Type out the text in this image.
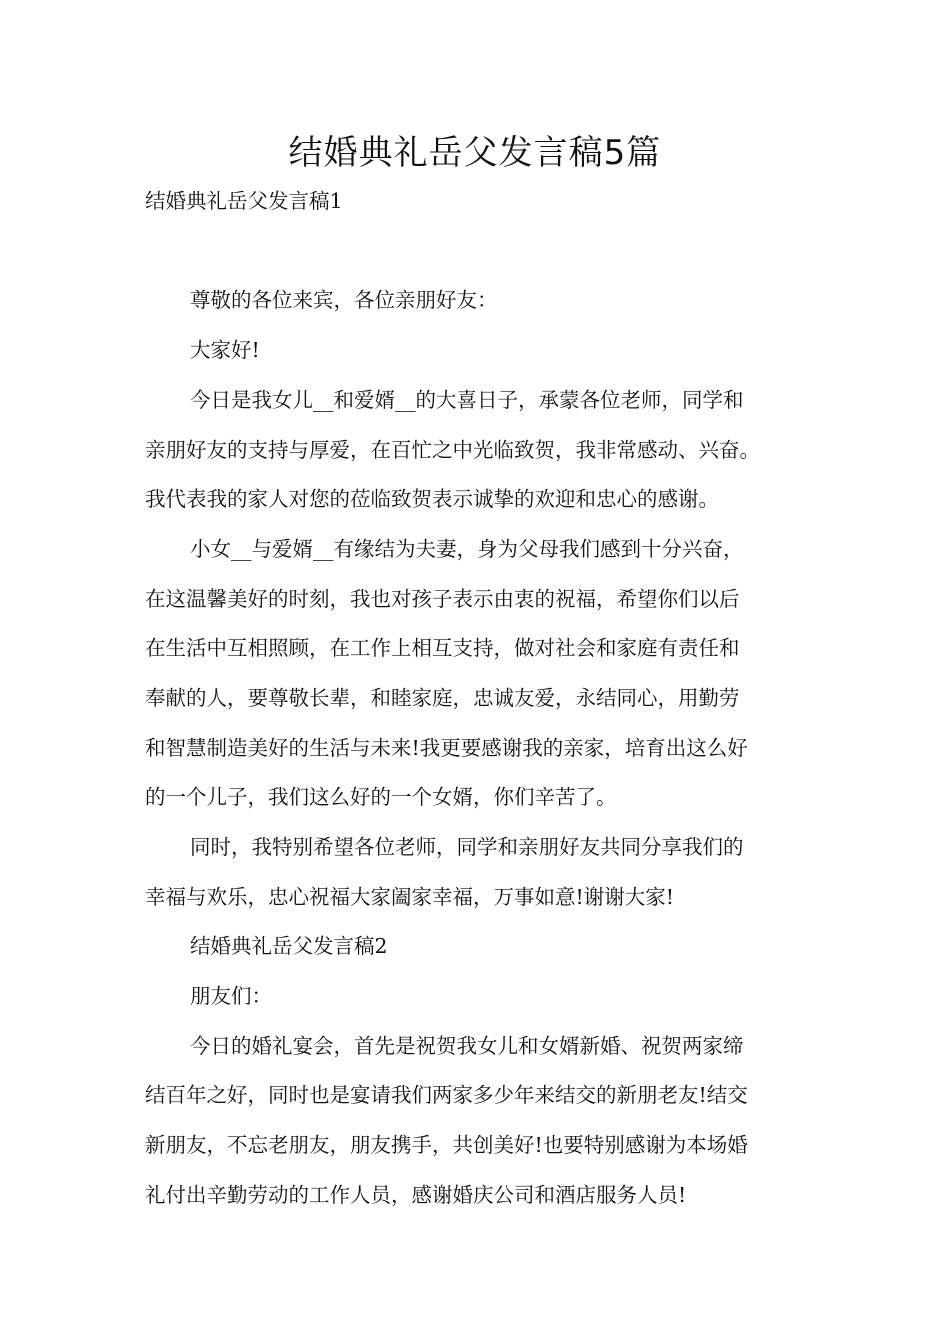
结婚典礼岳父发言稿5篇
结婚典礼岳父发言稿1
尊敬的各位来宾，各位亲朋好友：
大家好!
今日是我女儿__和爱婿__的大喜日子，承蒙各位老师，同学和
亲朋好友的支持与厚爱，在百忙之中光临致贺，我非常感动、兴奋。
我代表我的家人对您的莅临致贺表示诚挚的欢迎和忠心的感谢。
小女__与爱婿__有缘结为夫妻，身为父母我们感到十分兴奋，
在这温馨美好的时刻，我也对孩子表示由衷的祝福，希望你们以后
在生活中互相照顾，在工作上相互支持，做对社会和家庭有责任和
奉献的人，要尊敬长辈，和睦家庭，忠诚友爱，永结同心，用勤劳
和智慧制造美好的生活与未来!我更要感谢我的亲家，培育出这么好
的一个儿子，我们这么好的一个女婿，你们辛苦了。
同时，我特别希望各位老师，同学和亲朋好友共同分享我们的
幸福与欢乐，忠心祝福大家阖家幸福，万事如意!谢谢大家!
结婚典礼岳父发言稿2
朋友们：
今日的婚礼宴会，首先是祝贺我女儿和女婿新婚、祝贺两家缔
结百年之好，同时也是宴请我们两家多少年来结交的新朋老友!结交
新朋友，不忘老朋友，朋友携手，共创美好!也要特别感谢为本场婚
礼付出辛勤劳动的工作人员，感谢婚庆公司和酒店服务人员!
